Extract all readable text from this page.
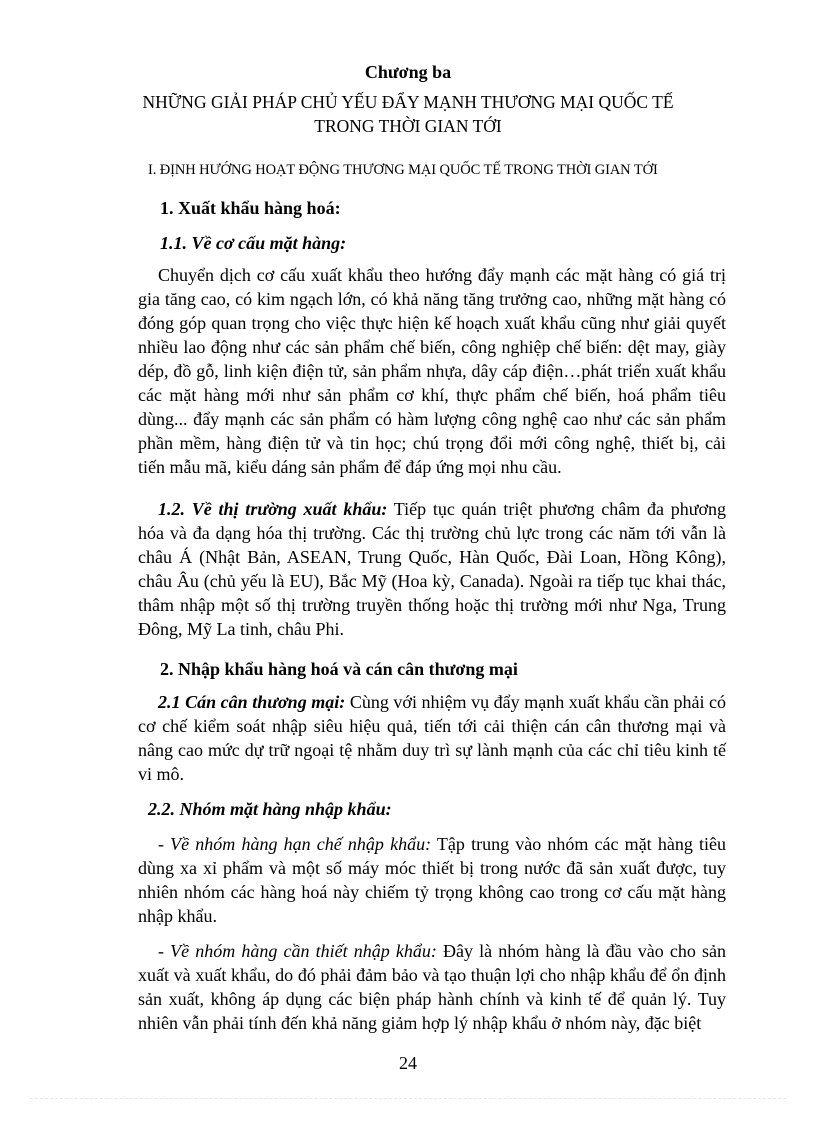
Chương ba
NHỮNG GIẢI PHÁP CHỦ YẾU ĐẨY MẠNH THƯƠNG MẠI QUỐC TẾ
TRONG THỜI GIAN TỚI
I. ĐỊNH HƯỚNG HOẠT ĐỘNG THƯƠNG MẠI QUỐC TẾ TRONG THỜI GIAN TỚI
1. Xuất khẩu hàng hoá:
1.1. Về cơ cấu mặt hàng:
Chuyển dịch cơ cấu xuất khẩu theo hướng đẩy mạnh các mặt hàng có giá trị gia tăng cao, có kim ngạch lớn, có khả năng tăng trưởng cao, những mặt hàng có đóng góp quan trọng cho việc thực hiện kế hoạch xuất khẩu cũng như giải quyết nhiều lao động như các sản phẩm chế biến, công nghiệp chế biến: dệt may, giày dép, đồ gỗ, linh kiện điện tử, sản phẩm nhựa, dây cáp điện…phát triển xuất khẩu các mặt hàng mới như sản phẩm cơ khí, thực phẩm chế biến, hoá phẩm tiêu dùng... đẩy mạnh các sản phẩm có hàm lượng công nghệ cao như các sản phẩm phần mềm, hàng điện tử và tin học; chú trọng đổi mới công nghệ, thiết bị, cải tiến mẫu mã, kiểu dáng sản phẩm để đáp ứng mọi nhu cầu.
1.2. Về thị trường xuất khẩu: Tiếp tục quán triệt phương châm đa phương hóa và đa dạng hóa thị trường. Các thị trường chủ lực trong các năm tới vẫn là châu Á (Nhật Bản, ASEAN, Trung Quốc, Hàn Quốc, Đài Loan, Hồng Kông), châu Âu (chủ yếu là EU), Bắc Mỹ (Hoa kỳ, Canada). Ngoài ra tiếp tục khai thác, thâm nhập một số thị trường truyền thống hoặc thị trường mới như Nga, Trung Đông, Mỹ La tinh, châu Phi.
2. Nhập khẩu hàng hoá và cán cân thương mại
2.1 Cán cân thương mại: Cùng với nhiệm vụ đẩy mạnh xuất khẩu cần phải có cơ chế kiểm soát nhập siêu hiệu quả, tiến tới cải thiện cán cân thương mại và nâng cao mức dự trữ ngoại tệ nhằm duy trì sự lành mạnh của các chỉ tiêu kinh tế vi mô.
2.2. Nhóm mặt hàng nhập khẩu:
- Về nhóm hàng hạn chế nhập khẩu: Tập trung vào nhóm các mặt hàng tiêu dùng xa xỉ phẩm và một số máy móc thiết bị trong nước đã sản xuất được, tuy nhiên nhóm các hàng hoá này chiếm tỷ trọng không cao trong cơ cấu mặt hàng nhập khẩu.
- Về nhóm hàng cần thiết nhập khẩu: Đây là nhóm hàng là đầu vào cho sản xuất và xuất khẩu, do đó phải đảm bảo và tạo thuận lợi cho nhập khẩu để ổn định sản xuất, không áp dụng các biện pháp hành chính và kinh tế để quản lý. Tuy nhiên vẫn phải tính đến khả năng giảm hợp lý nhập khẩu ở nhóm này, đặc biệt
24
